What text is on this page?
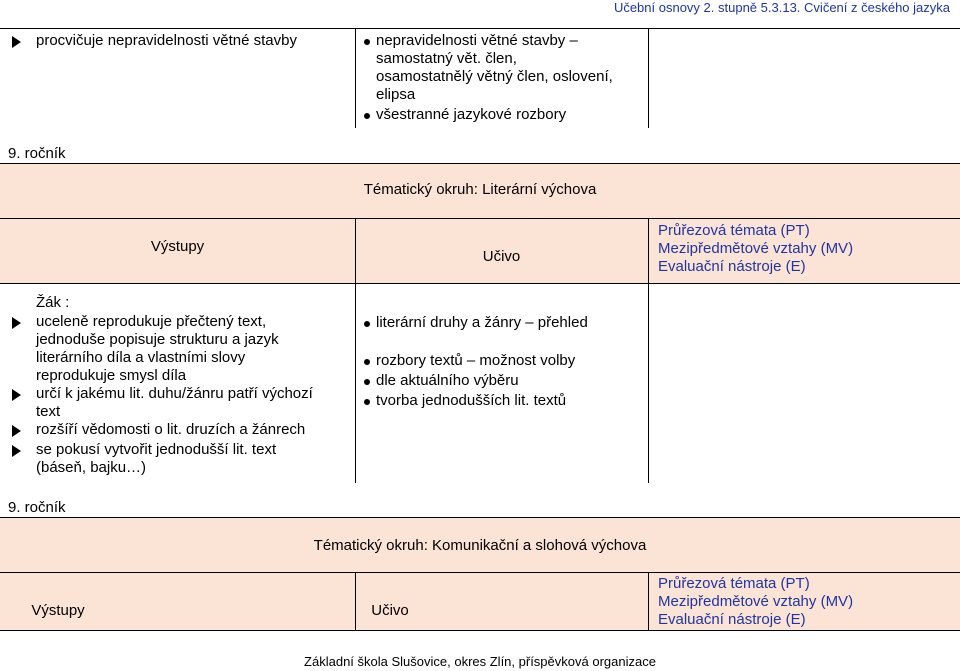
Učební osnovy 2. stupně 5.3.13. Cvičení z českého jazyka
procvičuje nepravidelnosti větné stavby	nepravidelnosti větné stavby –
samostatný vět. člen,
osamostatnělý větný člen, oslovení,
elipsa
všestranné jazykové rozbory
9. ročník
Tématický okruh: Literární výchova
Výstupy
Učivo
Průřezová témata (PT)
Mezipředmětové vztahy (MV)
Evaluační nástroje (E)
Žák :
uceleně reprodukuje přečtený text,
jednoduše popisuje strukturu a jazyk
literárního díla a vlastními slovy
reprodukuje smysl díla
určí k jakému lit. duhu/žánru patří výchozí
text
rozšíří vědomosti o lit. druzích a žánrech
se pokusí vytvořit jednodušší lit. text
(báseň, bajku…)
literární druhy a žánry – přehled
rozbory textů – možnost volby
dle aktuálního výběru
tvorba jednodušších lit. textů
9. ročník
Tématický okruh: Komunikační a slohová výchova
Výstupy	Učivo
Průřezová témata (PT)
Mezipředmětové vztahy (MV)
Evaluační nástroje (E)
Základní škola Slušovice, okres Zlín, příspěvková organizace
